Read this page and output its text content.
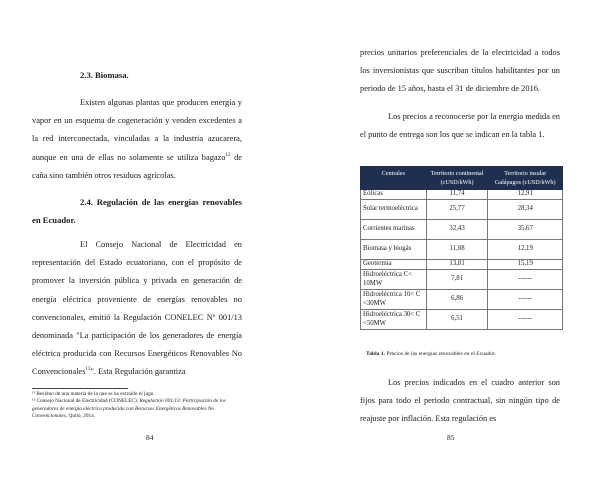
2.3. Biomasa.

Existen algunas plantas que producen energía y vapor en un esquema de cogeneración y venden excedentes a la red interconectada, vinculadas a la industria azucarera, aunque en una de ellas no solamente se utiliza bagazo$^{12}$ de caña sino también otros residuos agrícolas.

2.4. Regulación de las energías renovables en Ecuador.

El Consejo Nacional de Electricidad en representación del Estado ecuatoriano, con el propósito de promover la inversión pública y privada en generación de energía eléctrica proveniente de energías renovables no convencionales, emitió la Regulación CONELEC Nº 001/13 denominada "La participación de los generadores de energía eléctrica producida con Recursos Energéticos Renovables No Convencionales$^{13}$". Esta Regulación garantiza

¹² Residuo de una materia de la que se ha extraído el jugo.

¹³ Consejo Nacional de Electricidad (CONELEC). Regulación 001/13: Participación de los generadores de energía eléctrica producida con Recursos Energéticos Renovables No Convencionales, Quito, 2014.

84

precios unitarios preferenciales de la electricidad a todos los inversionistas que suscriban títulos habilitantes por un periodo de 15 años, hasta el 31 de diciembre de 2016.

Los precios a reconocerse por la energía medida en el punto de entrega son los que se indican en la tabla 1.

Centrales	Territorio continental (cUSD/kWh)	Territorio insular Galápagos (cUSD/kWh)
Eólicas	11,74	12,91
Solar termoeléctrica	25,77	28,34
Corrientes marinas	32,43	35,67
Biomasa y biogás	11,08	12,19
Geotermia	13,81	15,19
Hidroeléctrica C< 10MW	7,81	------
Hidroeléctrica 10< C <30MW	6,86	------
Hidroeléctrica 30< C <50MW	6,51	------
Tabla 1. Precios de las energías renovables en el Ecuador.

Los precios indicados en el cuadro anterior son fijos para todo el periodo contractual, sin ningún tipo de reajuste por inflación. Esta regulación es

85
